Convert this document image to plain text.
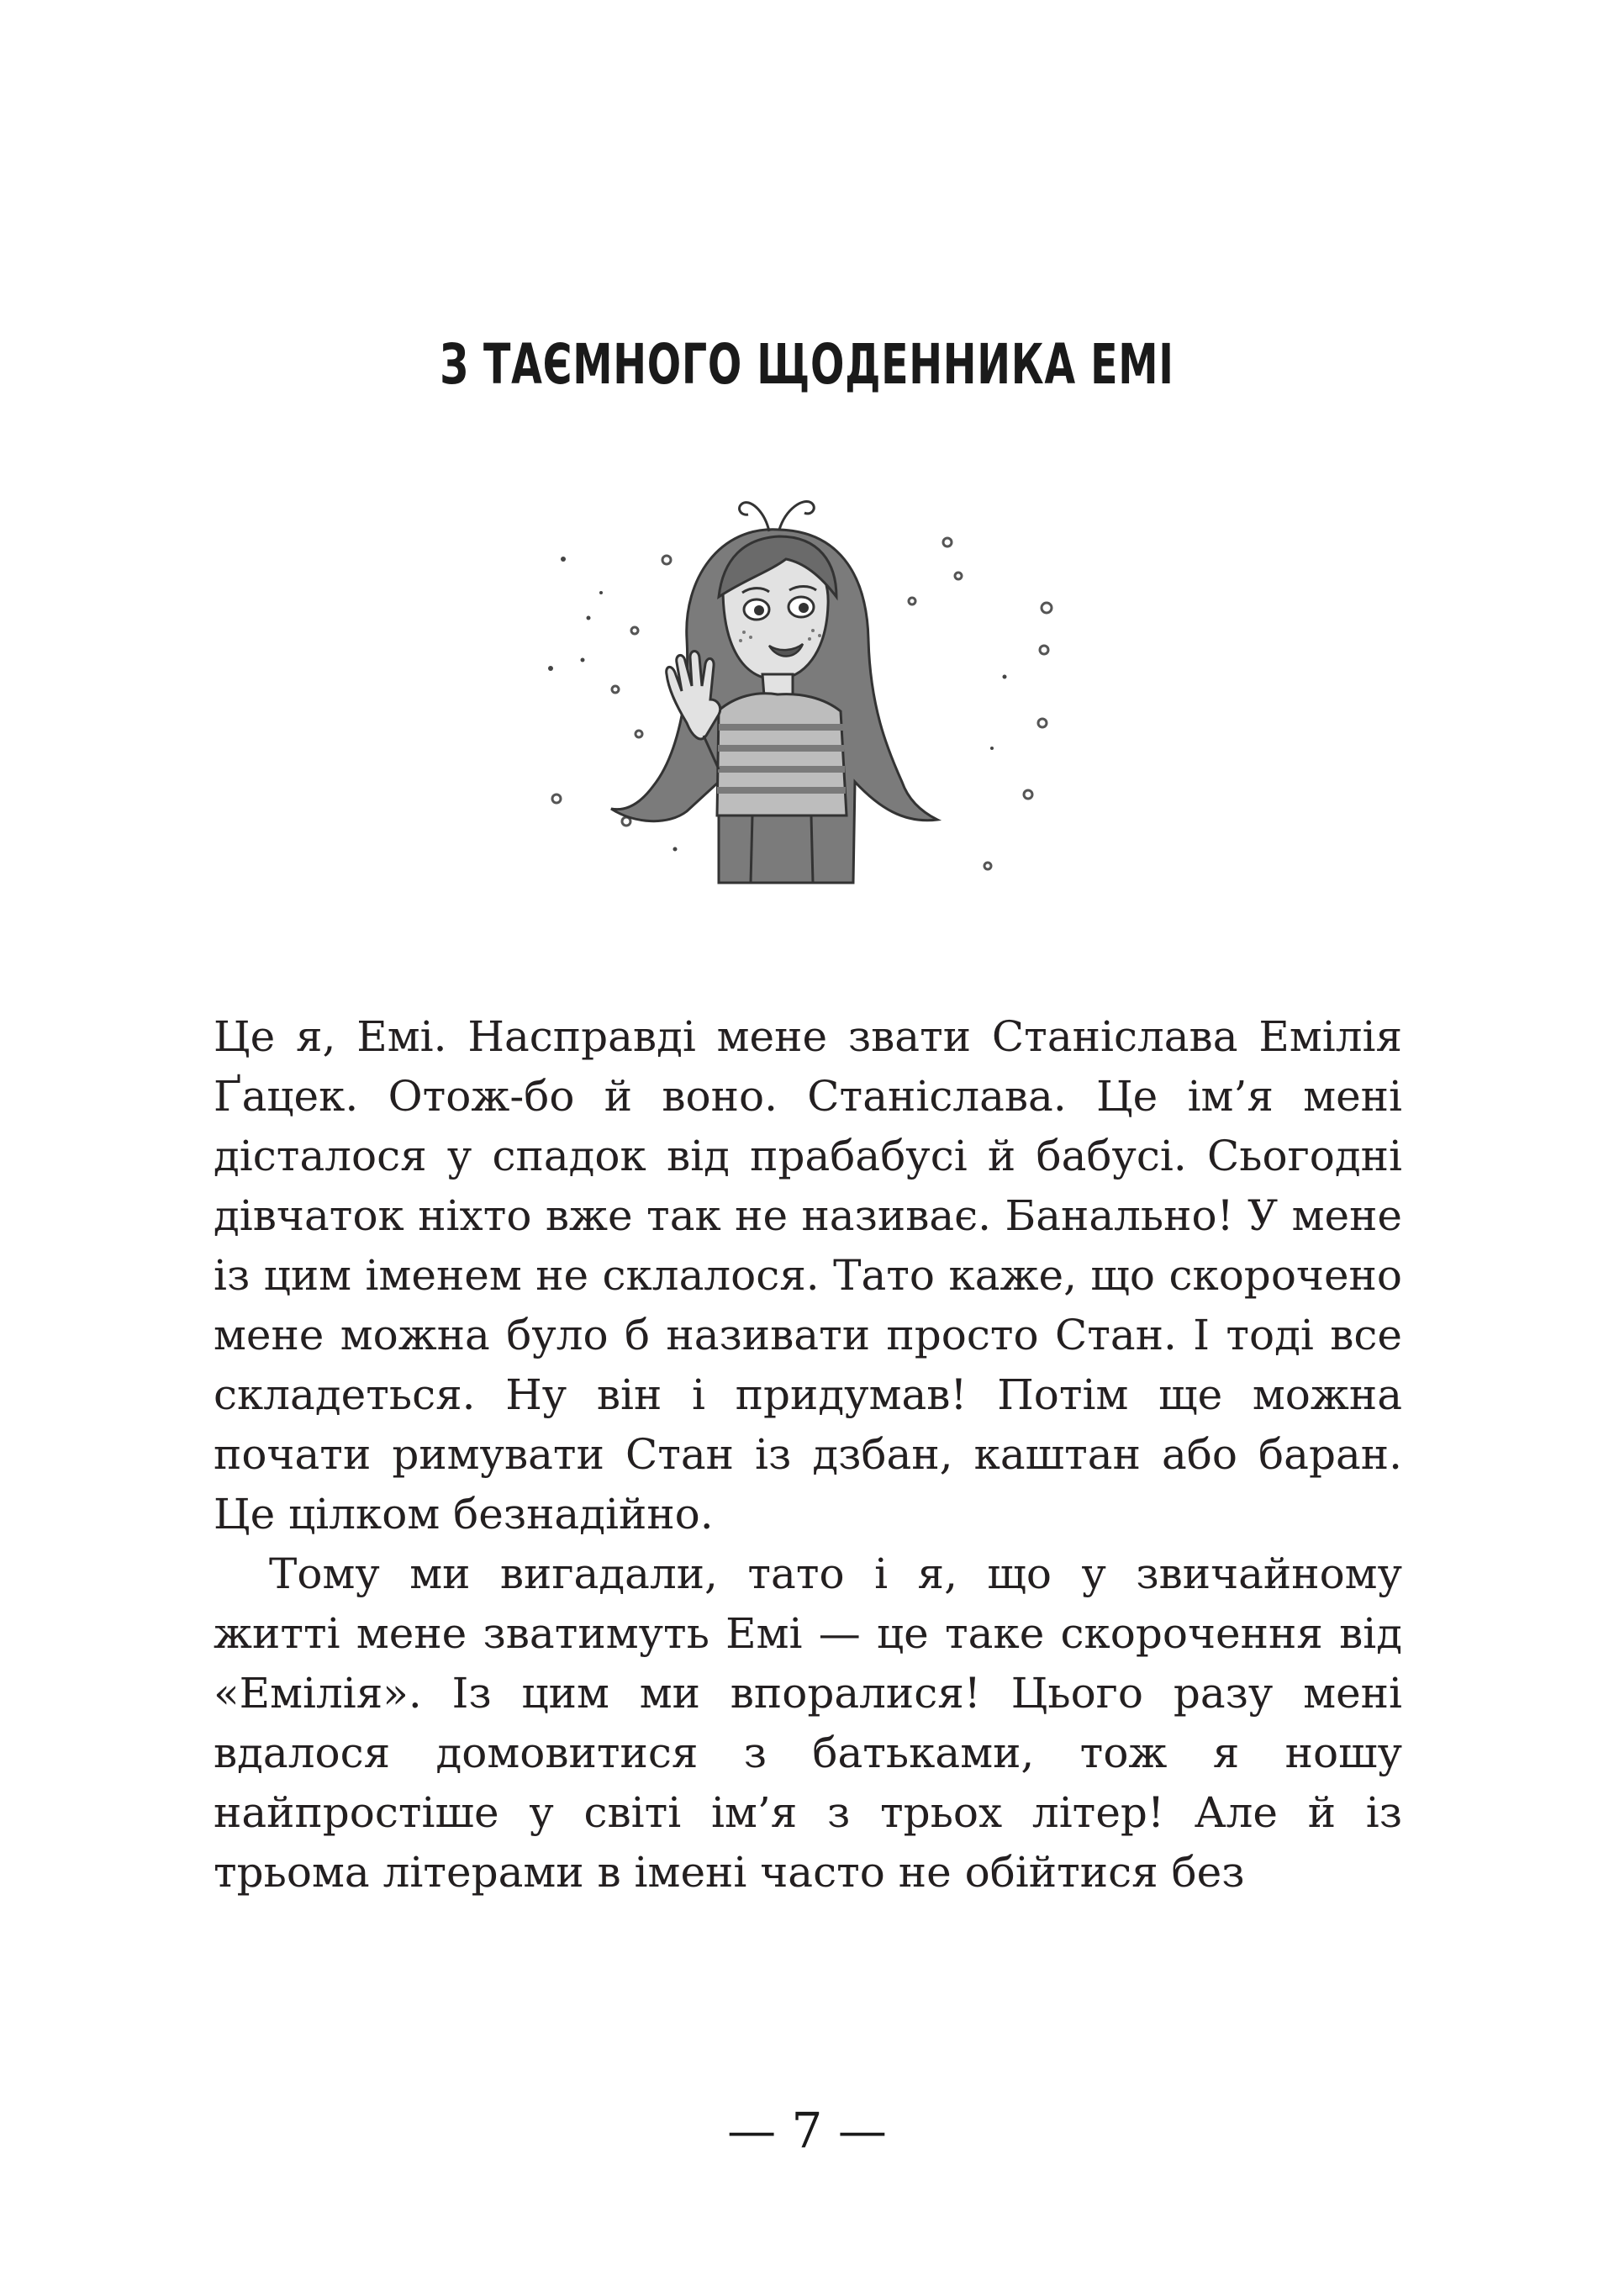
З ТАЄМНОГО ЩОДЕННИКА ЕМІ

Це я, Емі. Насправді мене звати Станіслава Емілія Ґацек. Отож-бо й воно. Станіслава. Це ім’я мені дісталося у спадок від прабабусі й бабусі. Сьогодні дівчаток ніхто вже так не називає. Банально! У мене із цим іменем не склалося. Тато каже, що скорочено мене можна було б називати просто Стан. І тоді все складеться. Ну він і придумав! Потім ще можна почати римувати Стан із дзбан, каштан або баран. Це цілком безнадійно.

Тому ми вигадали, тато і я, що у звичайному житті мене зватимуть Емі — це таке скорочення від «Емілія». Із цим ми впоралися! Цього разу мені вдалося домовитися з батьками, тож я ношу найпростіше у світі ім’я з трьох літер! Але й із трьома літерами в імені часто не обійтися без

— 7 —
